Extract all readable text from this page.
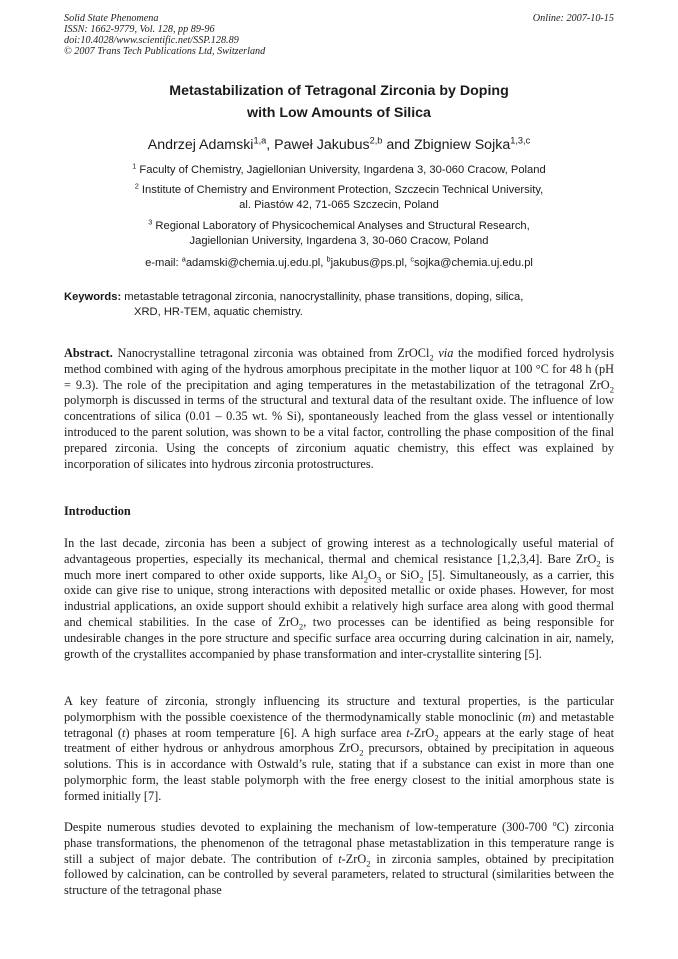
Solid State Phenomena
ISSN: 1662-9779, Vol. 128, pp 89-96
doi:10.4028/www.scientific.net/SSP.128.89
© 2007 Trans Tech Publications Ltd, Switzerland
Online: 2007-10-15
Metastabilization of Tetragonal Zirconia by Doping
with Low Amounts of Silica
Andrzej Adamski$^{1,a}$, Paweł Jakubus$^{2,b}$ and Zbigniew Sojka$^{1,3,c}$
$^1$ Faculty of Chemistry, Jagiellonian University, Ingardena 3, 30-060 Cracow, Poland
$^2$ Institute of Chemistry and Environment Protection, Szczecin Technical University,
al. Piastów 42, 71-065 Szczecin, Poland
$^3$ Regional Laboratory of Physicochemical Analyses and Structural Research,
Jagiellonian University, Ingardena 3, 30-060 Cracow, Poland
e-mail: $^a$adamski@chemia.uj.edu.pl, $^b$jakubus@ps.pl, $^c$sojka@chemia.uj.edu.pl
Keywords: metastable tetragonal zirconia, nanocrystallinity, phase transitions, doping, silica,
XRD, HR-TEM, aquatic chemistry.
Abstract. Nanocrystalline tetragonal zirconia was obtained from ZrOCl$_2$ via the modified forced hydrolysis method combined with aging of the hydrous amorphous precipitate in the mother liquor at 100 °C for 48 h (pH = 9.3). The role of the precipitation and aging temperatures in the metastabilization of the tetragonal ZrO$_2$ polymorph is discussed in terms of the structural and textural data of the resultant oxide. The influence of low concentrations of silica (0.01 – 0.35 wt. % Si), spontaneously leached from the glass vessel or intentionally introduced to the parent solution, was shown to be a vital factor, controlling the phase composition of the final prepared zirconia. Using the concepts of zirconium aquatic chemistry, this effect was explained by incorporation of silicates into hydrous zirconia protostructures.
Introduction
In the last decade, zirconia has been a subject of growing interest as a technologically useful material of advantageous properties, especially its mechanical, thermal and chemical resistance [1,2,3,4]. Bare ZrO$_2$ is much more inert compared to other oxide supports, like $Al_2O_3$ or SiO$_2$ [5]. Simultaneously, as a carrier, this oxide can give rise to unique, strong interactions with deposited metallic or oxide phases. However, for most industrial applications, an oxide support should exhibit a relatively high surface area along with good thermal and chemical stabilities. In the case of ZrO$_2$, two processes can be identified as being responsible for undesirable changes in the pore structure and specific surface area occurring during calcination in air, namely, growth of the crystallites accompanied by phase transformation and inter-crystallite sintering [5].
A key feature of zirconia, strongly influencing its structure and textural properties, is the particular polymorphism with the possible coexistence of the thermodynamically stable monoclinic (m) and metastable tetragonal (t) phases at room temperature [6]. A high surface area t-ZrO$_2$ appears at the early stage of heat treatment of either hydrous or anhydrous amorphous ZrO$_2$ precursors, obtained by precipitation in aqueous solutions. This is in accordance with Ostwald’s rule, stating that if a substance can exist in more than one polymorphic form, the least stable polymorph with the free energy closest to the initial amorphous state is formed initially [7].
Despite numerous studies devoted to explaining the mechanism of low-temperature (300-700 $^o$C) zirconia phase transformations, the phenomenon of the tetragonal phase metastablization in this temperature range is still a subject of major debate. The contribution of t-ZrO$_2$ in zirconia samples, obtained by precipitation followed by calcination, can be controlled by several parameters, related to structural (similarities between the structure of the tetragonal phase
